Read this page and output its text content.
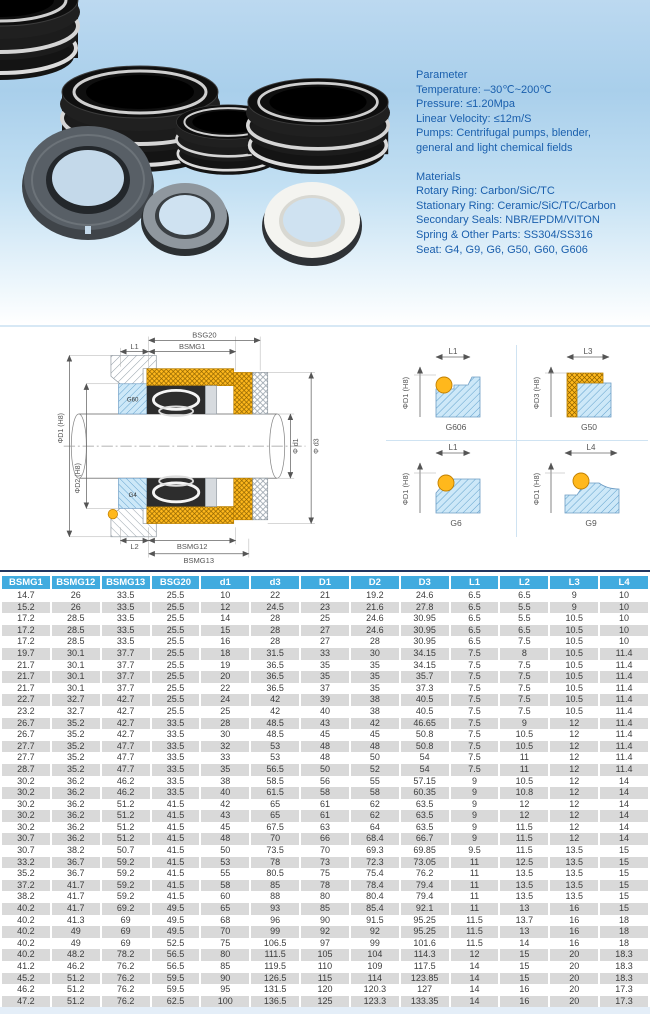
Parameter
Temperature: –30℃~200℃
Pressure: ≤1.20Mpa
Linear Velocity: ≤12m/S
Pumps: Centrifugal pumps, blender,
general and light chemical fields
Materials
Rotary Ring: Carbon/SiC/TC
Stationary Ring: Ceramic/SiC/TC/Carbon
Secondary Seals: NBR/EPDM/VITON
Spring & Other Parts: SS304/SS316
Seat: G4, G9, G6, G50, G60, G606
G60
G4
BSG20
BSMG1
L1
ΦD1 (H8)
ΦD2 (H8)
Φ d1 Φ d3
L2	BSMG12
BSMG13
L1
ΦD1 (H8)
G606
L3
ΦD3 (H8)
G50
L1
ΦD1 (H8)
G6
L4
ΦD1 (H8)
G9
BSMG1	BSMG12	BSMG13	BSG20	d1	d3	D1	D2	D3	L1	L2	L3	L4
14.7	26	33.5	25.5	10	22	21	19.2	24.6	6.5	6.5	9	10
15.2	26	33.5	25.5	12	24.5	23	21.6	27.8	6.5	5.5	9	10
17.2	28.5	33.5	25.5	14	28	25	24.6	30.95	6.5	5.5	10.5	10
17.2	28.5	33.5	25.5	15	28	27	24.6	30.95	6.5	6.5	10.5	10
17.2	28.5	33.5	25.5	16	28	27	28	30.95	6.5	7.5	10.5	10
19.7	30.1	37.7	25.5	18	31.5	33	30	34.15	7.5	8	10.5	11.4
21.7	30.1	37.7	25.5	19	36.5	35	35	34.15	7.5	7.5	10.5	11.4
21.7	30.1	37.7	25.5	20	36.5	35	35	35.7	7.5	7.5	10.5	11.4
21.7	30.1	37.7	25.5	22	36.5	37	35	37.3	7.5	7.5	10.5	11.4
22.7	32.7	42.7	25.5	24	42	39	38	40.5	7.5	7.5	10.5	11.4
23.2	32.7	42.7	25.5	25	42	40	38	40.5	7.5	7.5	10.5	11.4
26.7	35.2	42.7	33.5	28	48.5	43	42	46.65	7.5	9	12	11.4
26.7	35.2	42.7	33.5	30	48.5	45	45	50.8	7.5	10.5	12	11.4
27.7	35.2	47.7	33.5	32	53	48	48	50.8	7.5	10.5	12	11.4
27.7	35.2	47.7	33.5	33	53	48	50	54	7.5	11	12	11.4
28.7	35.2	47.7	33.5	35	56.5	50	52	54	7.5	11	12	11.4
30.2	36.2	46.2	33.5	38	58.5	56	55	57.15	9	10.5	12	14
30.2	36.2	46.2	33.5	40	61.5	58	58	60.35	9	10.8	12	14
30.2	36.2	51.2	41.5	42	65	61	62	63.5	9	12	12	14
30.2	36.2	51.2	41.5	43	65	61	62	63.5	9	12	12	14
30.2	36.2	51.2	41.5	45	67.5	63	64	63.5	9	11.5	12	14
30.7	36.2	51.2	41.5	48	70	66	68.4	66.7	9	11.5	12	14
30.7	38.2	50.7	41.5	50	73.5	70	69.3	69.85	9.5	11.5	13.5	15
33.2	36.7	59.2	41.5	53	78	73	72.3	73.05	11	12.5	13.5	15
35.2	36.7	59.2	41.5	55	80.5	75	75.4	76.2	11	13.5	13.5	15
37.2	41.7	59.2	41.5	58	85	78	78.4	79.4	11	13.5	13.5	15
38.2	41.7	59.2	41.5	60	88	80	80.4	79.4	11	13.5	13.5	15
40.2	41.7	69.2	49.5	65	93	85	85.4	92.1	11	13	16	15
40.2	41.3	69	49.5	68	96	90	91.5	95.25	11.5	13.7	16	18
40.2	49	69	49.5	70	99	92	92	95.25	11.5	13	16	18
40.2	49	69	52.5	75	106.5	97	99	101.6	11.5	14	16	18
40.2	48.2	78.2	56.5	80	111.5	105	104	114.3	12	15	20	18.3
41.2	46.2	76.2	56.5	85	119.5	110	109	117.5	14	15	20	18.3
45.2	51.2	76.2	59.5	90	126.5	115	114	123.85	14	15	20	18.3
46.2	51.2	76.2	59.5	95	131.5	120	120.3	127	14	16	20	17.3
47.2	51.2	76.2	62.5	100	136.5	125	123.3	133.35	14	16	20	17.3
